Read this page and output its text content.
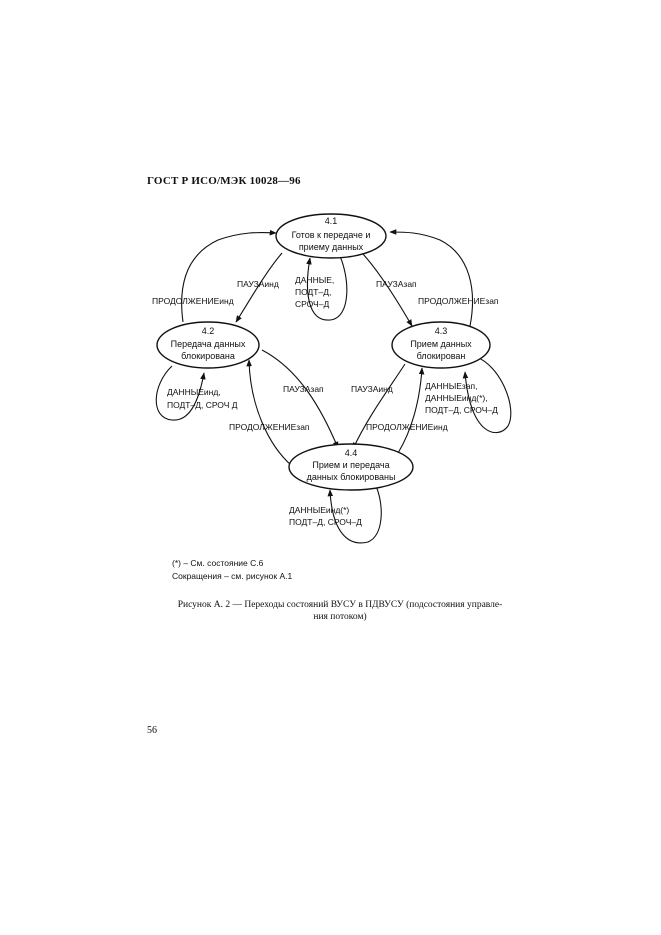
ГОСТ Р ИСО/МЭК 10028—96
4.1
Готов к передаче и
приему данных
4.2
Передача данных
блокирована
4.3
Прием данных
блокирован
4.4
Прием и передача
данных блокированы
ПАУЗАинд
ПРОДОЛЖЕНИЕинд
ДАННЫЕ,
ПОДТ–Д,
СРОЧ–Д
ПАУЗАзап
ПРОДОЛЖЕНИЕзап
ДАННЫЕинд,
ПОДТ–Д, СРОЧ Д
ПАУЗАзап	ПАУЗАинд	ДАННЫЕзап,
ДАННЫЕинд(*),
ПОДТ–Д, СРОЧ–Д
ПРОДОЛЖЕНИЕзап	ПРОДОЛЖЕНИЕинд
ДАННЫЕинд(*)
ПОДТ–Д, СРОЧ–Д
(*) – См. состояние С.6
Сокращения – см. рисунок А.1
Рисунок А. 2 — Переходы состояний ВУСУ в ПДВУСУ (подсостояния управле-
ния потоком)
56
